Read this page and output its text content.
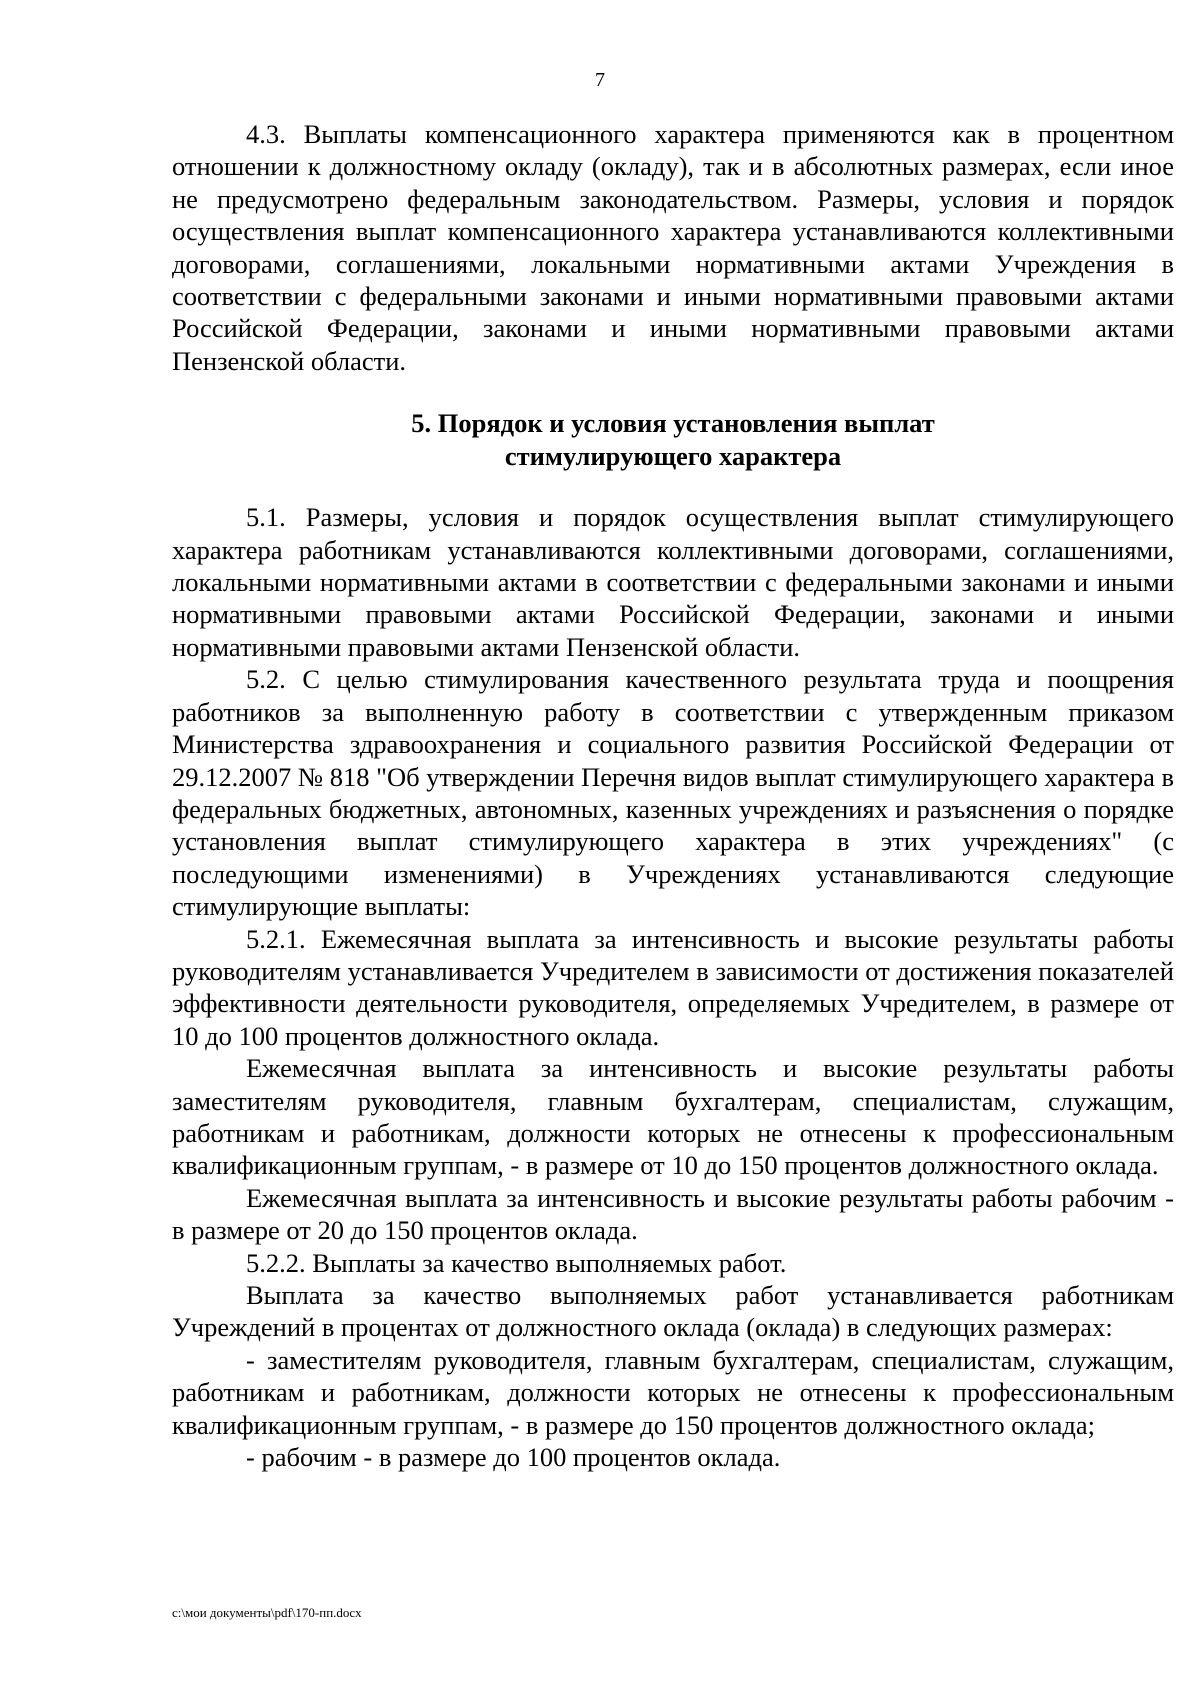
7

4.3. Выплаты компенсационного характера применяются как в процентном отношении к должностному окладу (окладу), так и в абсолютных размерах, если иное не предусмотрено федеральным законодательством. Размеры, условия и порядок осуществления выплат компенсационного характера устанавливаются коллективными договорами, соглашениями, локальными нормативными актами Учреждения в соответствии с федеральными законами и иными нормативными правовыми актами Российской Федерации, законами и иными нормативными правовыми актами Пензенской области.

5. Порядок и условия установления выплат
стимулирующего характера

5.1. Размеры, условия и порядок осуществления выплат стимулирующего характера работникам устанавливаются коллективными договорами, соглашениями, локальными нормативными актами в соответствии с федеральными законами и иными нормативными правовыми актами Российской Федерации, законами и иными нормативными правовыми актами Пензенской области.

5.2. С целью стимулирования качественного результата труда и поощрения работников за выполненную работу в соответствии с утвержденным приказом Министерства здравоохранения и социального развития Российской Федерации от 29.12.2007 № 818 "Об утверждении Перечня видов выплат стимулирующего характера в федеральных бюджетных, автономных, казенных учреждениях и разъяснения о порядке установления выплат стимулирующего характера в этих учреждениях" (с последующими изменениями) в Учреждениях устанавливаются следующие стимулирующие выплаты:

5.2.1. Ежемесячная выплата за интенсивность и высокие результаты работы руководителям устанавливается Учредителем в зависимости от достижения показателей эффективности деятельности руководителя, определяемых Учредителем, в размере от 10 до 100 процентов должностного оклада.

Ежемесячная выплата за интенсивность и высокие результаты работы заместителям руководителя, главным бухгалтерам, специалистам, служащим, работникам и работникам, должности которых не отнесены к профессиональным квалификационным группам, - в размере от 10 до 150 процентов должностного оклада.

Ежемесячная выплата за интенсивность и высокие результаты работы рабочим - в размере от 20 до 150 процентов оклада.

5.2.2. Выплаты за качество выполняемых работ.

Выплата за качество выполняемых работ устанавливается работникам Учреждений в процентах от должностного оклада (оклада) в следующих размерах:

- заместителям руководителя, главным бухгалтерам, специалистам, служащим, работникам и работникам, должности которых не отнесены к профессиональным квалификационным группам, - в размере до 150 процентов должностного оклада;

- рабочим - в размере до 100 процентов оклада.

c:\мои документы\pdf\170-пп.docx
